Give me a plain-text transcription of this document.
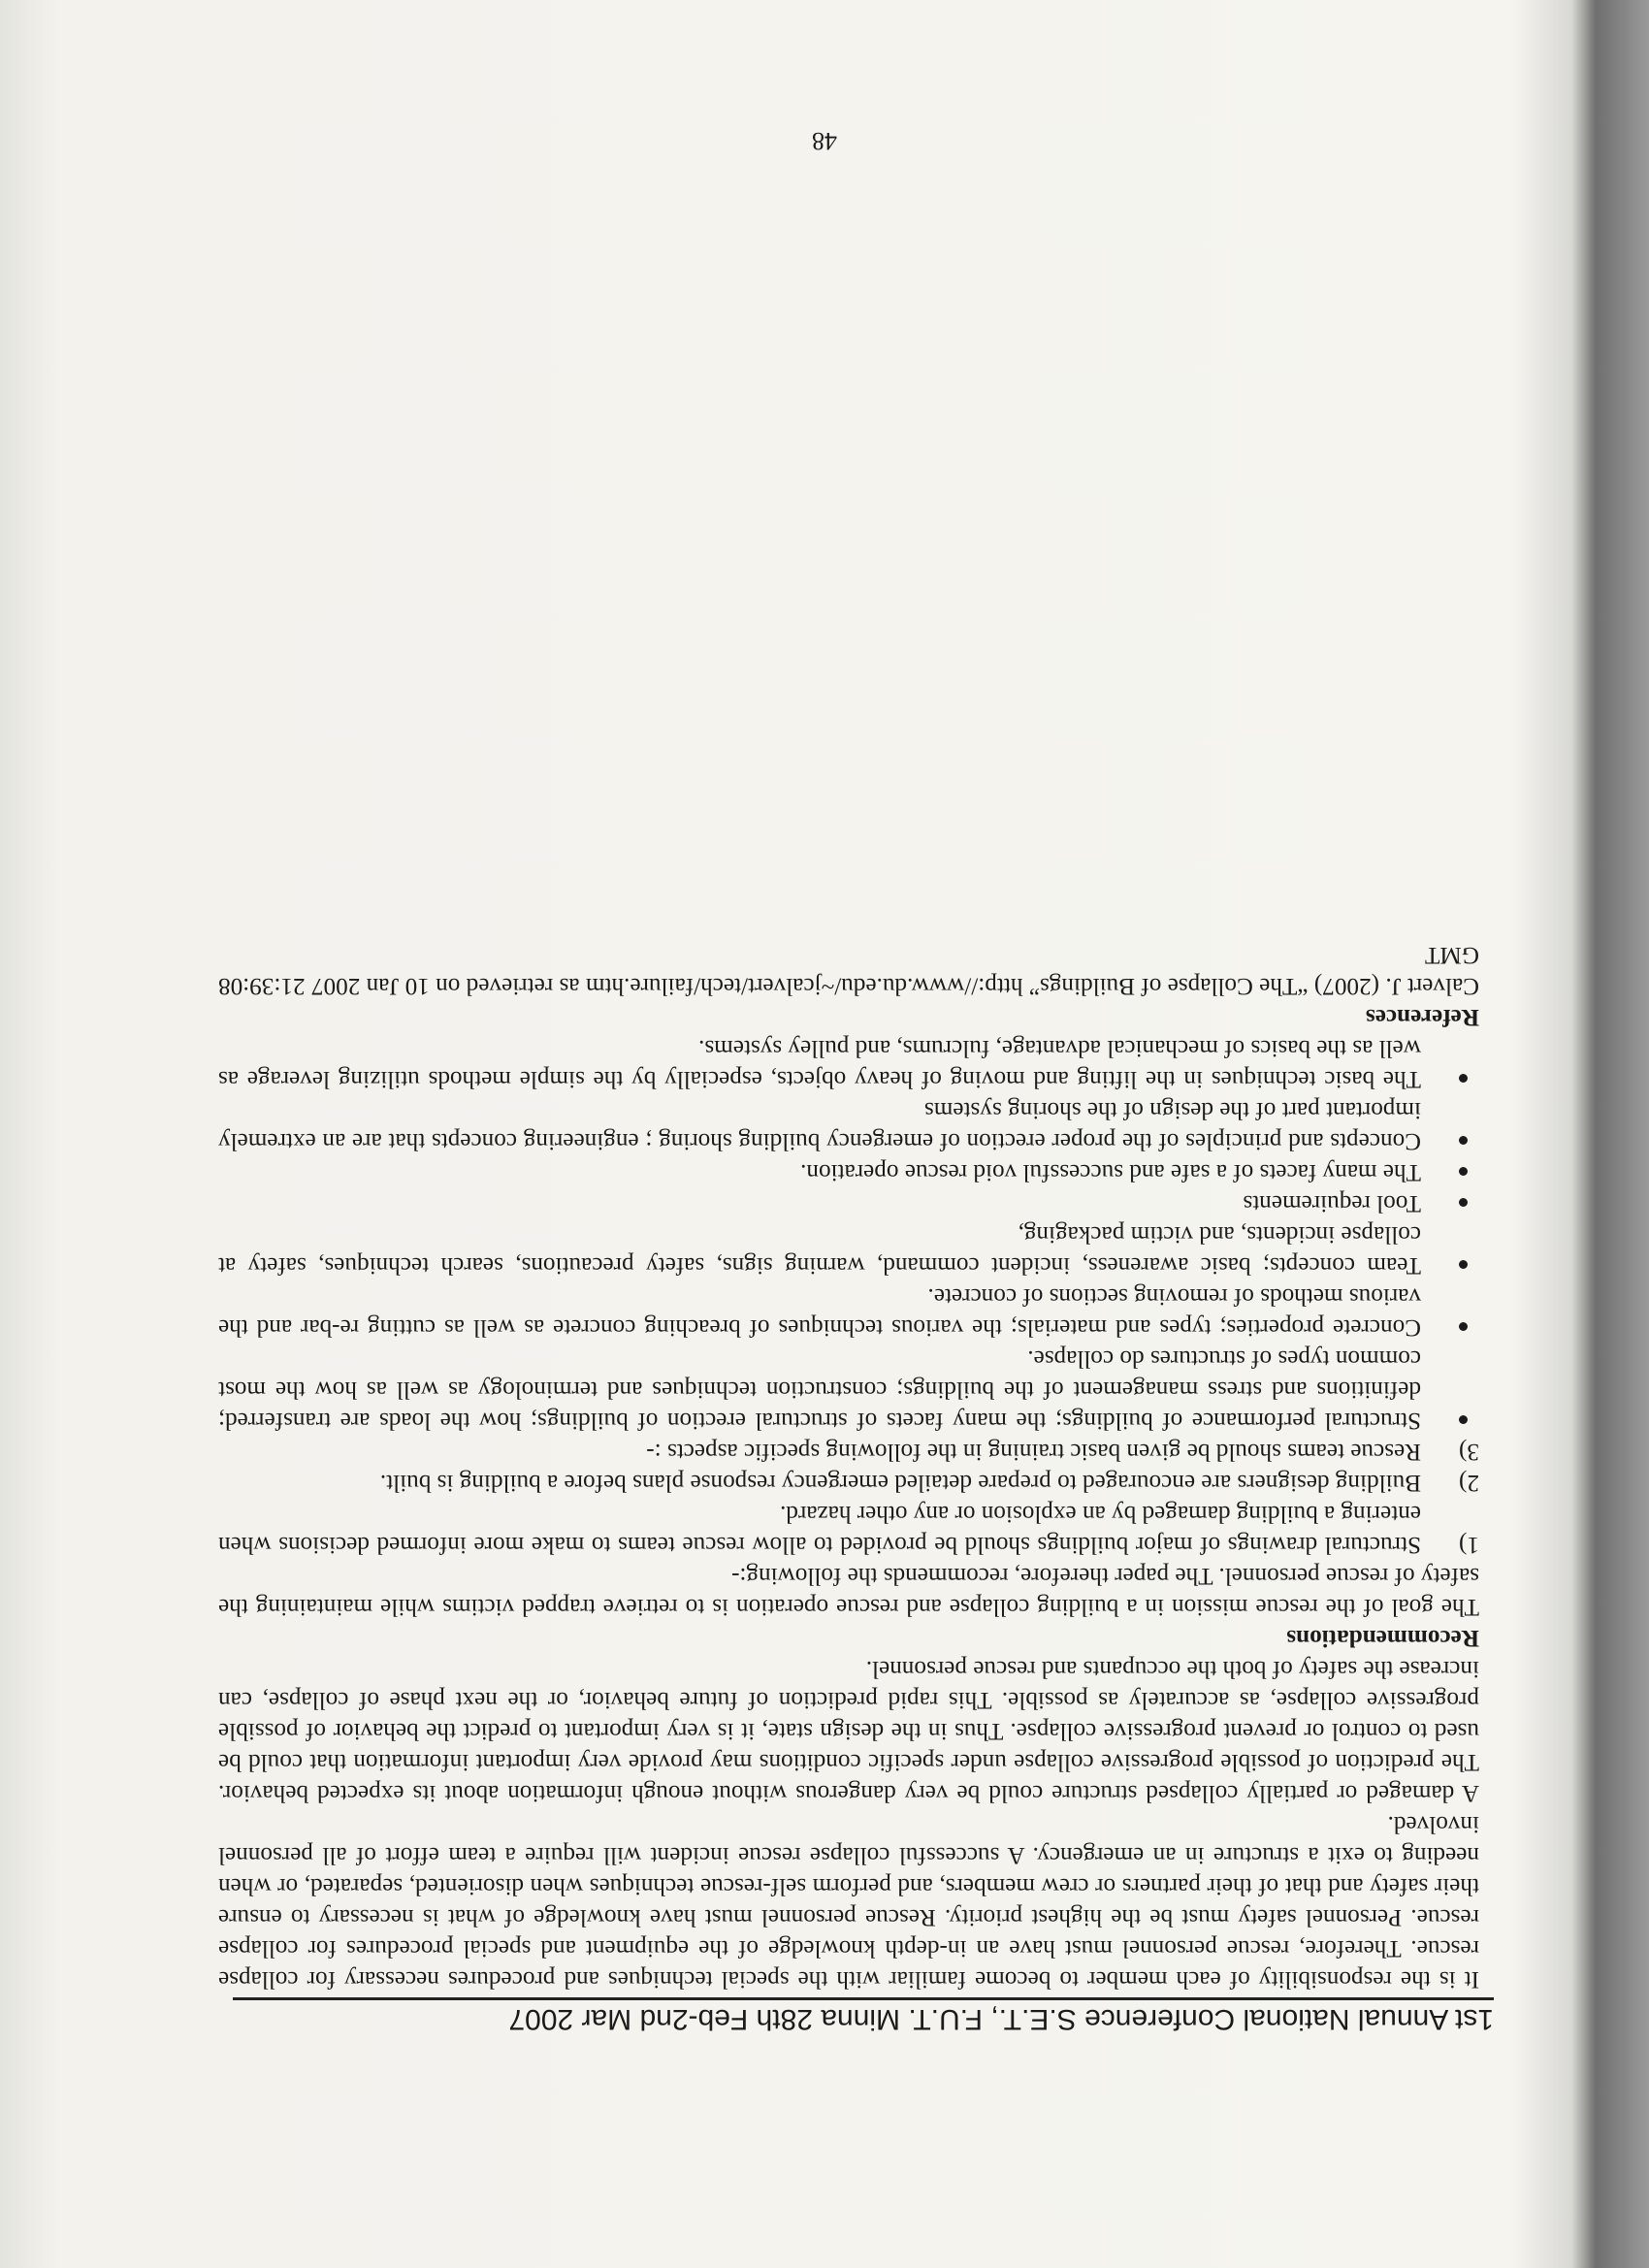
1st Annual National Conference S.E.T., F.U.T. Minna 28th Feb-2nd Mar 2007

It is the responsibility of each member to become familiar with the special techniques and procedures necessary for collapse rescue. Therefore, rescue personnel must have an in-depth knowledge of the equipment and special procedures for collapse rescue. Personnel safety must be the highest priority. Rescue personnel must have knowledge of what is necessary to ensure their safety and that of their partners or crew members, and perform self-rescue techniques when disoriented, separated, or when needing to exit a structure in an emergency. A successful collapse rescue incident will require a team effort of all personnel involved.

A damaged or partially collapsed structure could be very dangerous without enough information about its expected behavior. The prediction of possible progressive collapse under specific conditions may provide very important information that could be used to control or prevent progressive collapse. Thus in the design state, it is very important to predict the behavior of possible progressive collapse, as accurately as possible. This rapid prediction of future behavior, or the next phase of collapse, can increase the safety of both the occupants and rescue personnel.

Recommendations

The goal of the rescue mission in a building collapse and rescue operation is to retrieve trapped victims while maintaining the safety of rescue personnel. The paper therefore, recommends the following:-

1)
Structural drawings of major buildings should be provided to allow rescue teams to make more informed decisions when entering a building damaged by an explosion or any other hazard.
2)
Building designers are encouraged to prepare detailed emergency response plans before a building is built.
3)
Rescue teams should be given basic training in the following specific aspects :-
Structural performance of buildings; the many facets of structural erection of buildings; how the loads are transferred; definitions and stress management of the buildings; construction techniques and terminology as well as how the most common types of structures do collapse.
Concrete properties; types and materials; the various techniques of breaching concrete as well as cutting re-bar and the various methods of removing sections of concrete.
Team concepts; basic awareness, incident command, warning signs, safety precautions, search techniques, safety at collapse incidents, and victim packaging,
Tool requirements
The many facets of a safe and successful void rescue operation.
Concepts and principles of the proper erection of emergency building shoring ; engineering concepts that are an extremely important part of the design of the shoring systems
The basic techniques in the lifting and moving of heavy objects, especially by the simple methods utilizing leverage as well as the basics of mechanical advantage, fulcrums, and pulley systems.

References

Calvert J. (2007) “The Collapse of Buildings” http://www.du.edu/~jcalvert/tech/failure.htm as retrieved on 10 Jan 2007 21:39:08 GMT

48
